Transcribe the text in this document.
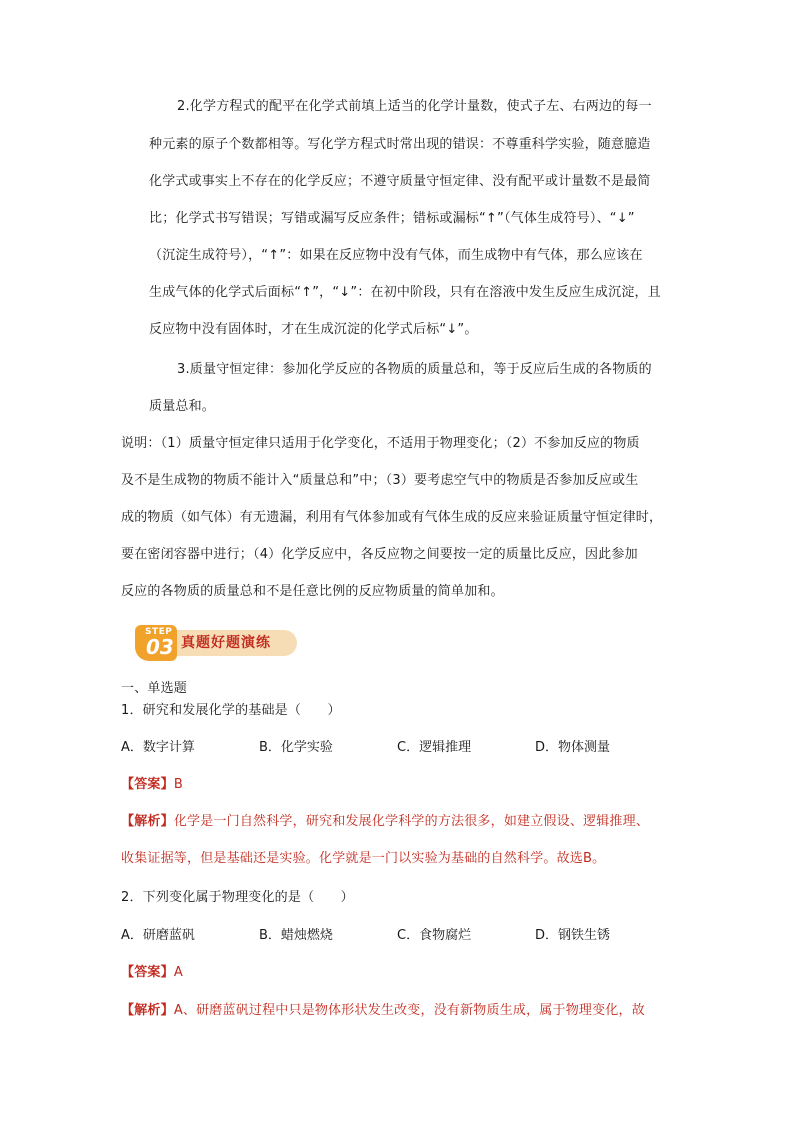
2.化学方程式的配平在化学式前填上适当的化学计量数，使式子左、右两边的每一
种元素的原子个数都相等。写化学方程式时常出现的错误：不尊重科学实验，随意臆造
化学式或事实上不存在的化学反应；不遵守质量守恒定律、没有配平或计量数不是最简
比；化学式书写错误；写错或漏写反应条件；错标或漏标“↑”（气体生成符号）、“↓”
（沉淀生成符号），“↑”：如果在反应物中没有气体，而生成物中有气体，那么应该在
生成气体的化学式后面标“↑”，“↓”：在初中阶段，只有在溶液中发生反应生成沉淀，且
反应物中没有固体时，才在生成沉淀的化学式后标“↓”。
3.质量守恒定律：参加化学反应的各物质的质量总和，等于反应后生成的各物质的
质量总和。
说明：（1）质量守恒定律只适用于化学变化，不适用于物理变化；（2）不参加反应的物质
及不是生成物的物质不能计入“质量总和”中；（3）要考虑空气中的物质是否参加反应或生
成的物质（如气体）有无遗漏，利用有气体参加或有气体生成的反应来验证质量守恒定律时，
要在密闭容器中进行；（4）化学反应中，各反应物之间要按一定的质量比反应，因此参加
反应的各物质的质量总和不是任意比例的反应物质量的简单加和。
STEP
03 真题好题演练
一、单选题
1．研究和发展化学的基础是（　　）
A．数字计算	B．化学实验	C．逻辑推理	D．物体测量
【答案】B
【解析】化学是一门自然科学，研究和发展化学科学的方法很多，如建立假设、逻辑推理、
收集证据等，但是基础还是实验。化学就是一门以实验为基础的自然科学。故选B。
2．下列变化属于物理变化的是（　　）
A．研磨蓝矾	B．蜡烛燃烧	C．食物腐烂	D．钢铁生锈
【答案】A
【解析】A、研磨蓝矾过程中只是物体形状发生改变，没有新物质生成，属于物理变化，故
